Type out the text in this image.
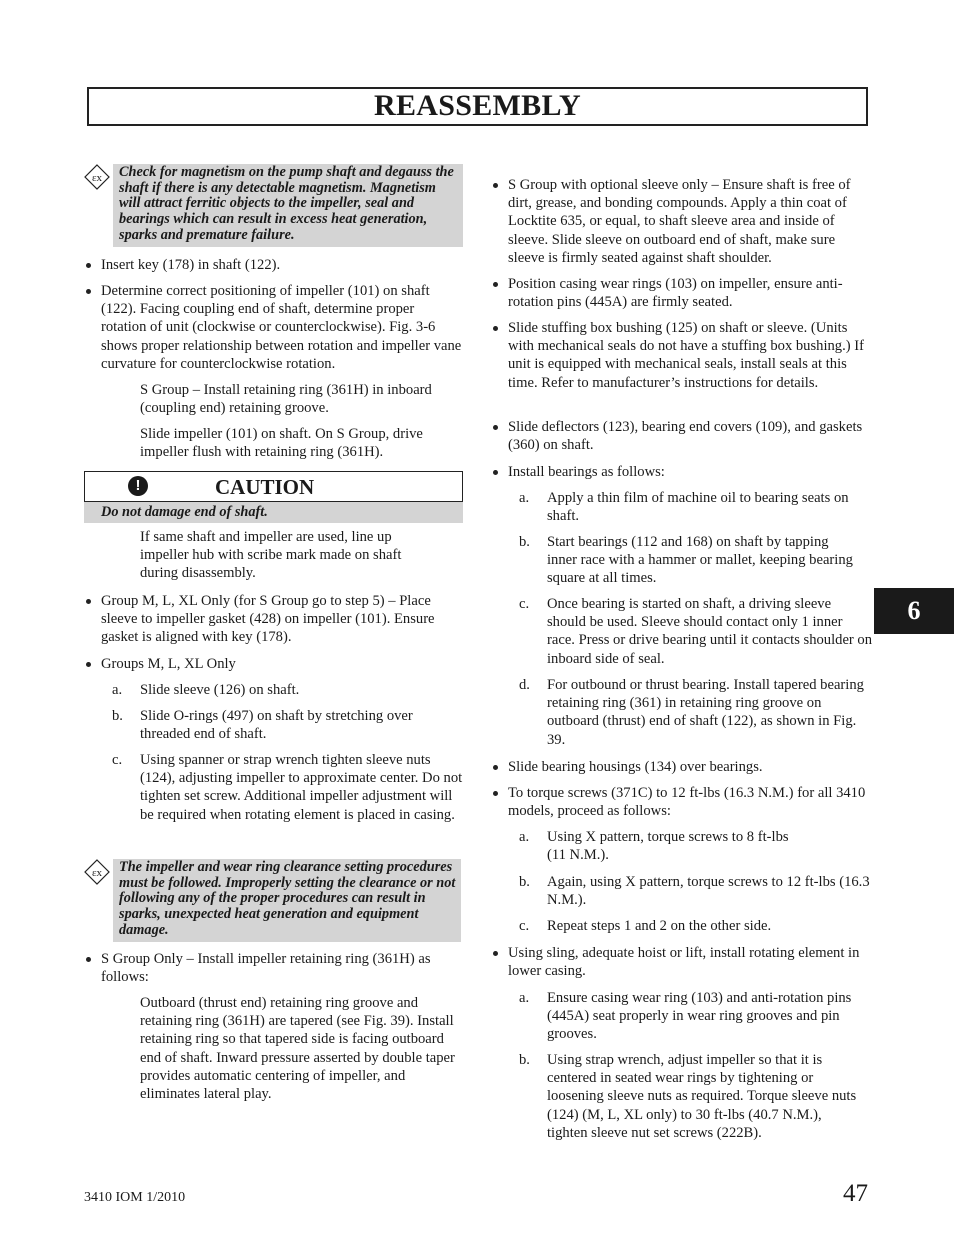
REASSEMBLY
εx	Check for magnetism on the pump shaft and degauss the shaft if there is any detectable magnetism. Magnetism will attract ferritic objects to the impeller, seal and bearings which can result in excess heat generation, sparks and premature failure.
Insert key (178) in shaft (122).
Determine correct positioning of impeller (101) on shaft (122). Facing coupling end of shaft, determine proper rotation of unit (clockwise or counterclockwise). Fig. 3-6 shows proper relationship between rotation and impeller vane curvature for counterclockwise rotation.
S Group – Install retaining ring (361H) in inboard (coupling end) retaining groove.
Slide impeller (101) on shaft. On S Group, drive impeller flush with retaining ring (361H).
!	CAUTION
Do not damage end of shaft.
If same shaft and impeller are used, line up impeller hub with scribe mark made on shaft during disassembly.
Group M, L, XL Only (for S Group go to step 5) – Place sleeve to impeller gasket (428) on impeller (101). Ensure gasket is aligned with key (178).
Groups M, L, XL Only
a. Slide sleeve (126) on shaft.
b. Slide O-rings (497) on shaft by stretching over threaded end of shaft.
c. Using spanner or strap wrench tighten sleeve nuts (124), adjusting impeller to approximate center. Do not tighten set screw. Additional impeller adjustment will be required when rotating element is placed in casing.
εx	The impeller and wear ring clearance setting procedures must be followed. Improperly setting the clearance or not following any of the proper procedures can result in sparks, unexpected heat generation and equipment damage.
S Group Only – Install impeller retaining ring (361H) as follows:
Outboard (thrust end) retaining ring groove and retaining ring (361H) are tapered (see Fig. 39). Install retaining ring so that tapered side is facing outboard end of shaft. Inward pressure asserted by double taper provides automatic centering of impeller, and eliminates lateral play.
S Group with optional sleeve only – Ensure shaft is free of dirt, grease, and bonding compounds. Apply a thin coat of Locktite 635, or equal, to shaft sleeve area and inside of sleeve. Slide sleeve on outboard end of shaft, make sure sleeve is firmly seated against shaft shoulder.
Position casing wear rings (103) on impeller, ensure anti-rotation pins (445A) are firmly seated.
Slide stuffing box bushing (125) on shaft or sleeve. (Units with mechanical seals do not have a stuffing box bushing.) If unit is equipped with mechanical seals, install seals at this time. Refer to manufacturer’s instructions for details.
Slide deflectors (123), bearing end covers (109), and gaskets (360) on shaft.
Install bearings as follows:
a. Apply a thin film of machine oil to bearing seats on shaft.
b. Start bearings (112 and 168) on shaft by tapping inner race with a hammer or mallet, keeping bearing square at all times.
c. Once bearing is started on shaft, a driving sleeve should be used. Sleeve should contact only 1 inner race. Press or drive bearing until it contacts shoulder on inboard side of seal.
d. For outbound or thrust bearing. Install tapered bearing retaining ring (361) in retaining ring groove on outboard (thrust) end of shaft (122), as shown in Fig. 39.
Slide bearing housings (134) over bearings.
To torque screws (371C) to 12 ft-lbs (16.3 N.M.) for all 3410 models, proceed as follows:
a. Using X pattern, torque screws to 8 ft-lbs
(11 N.M.).
b. Again, using X pattern, torque screws to 12 ft-lbs (16.3 N.M.).
c. Repeat steps 1 and 2 on the other side.
Using sling, adequate hoist or lift, install rotating element in lower casing.
a. Ensure casing wear ring (103) and anti-rotation pins (445A) seat properly in wear ring grooves and pin grooves.
b. Using strap wrench, adjust impeller so that it is centered in seated wear rings by tightening or loosening sleeve nuts as required. Torque sleeve nuts (124) (M, L, XL only) to 30 ft-lbs (40.7 N.M.), tighten sleeve nut set screws (222B).
6
3410 IOM 1/2010	47
